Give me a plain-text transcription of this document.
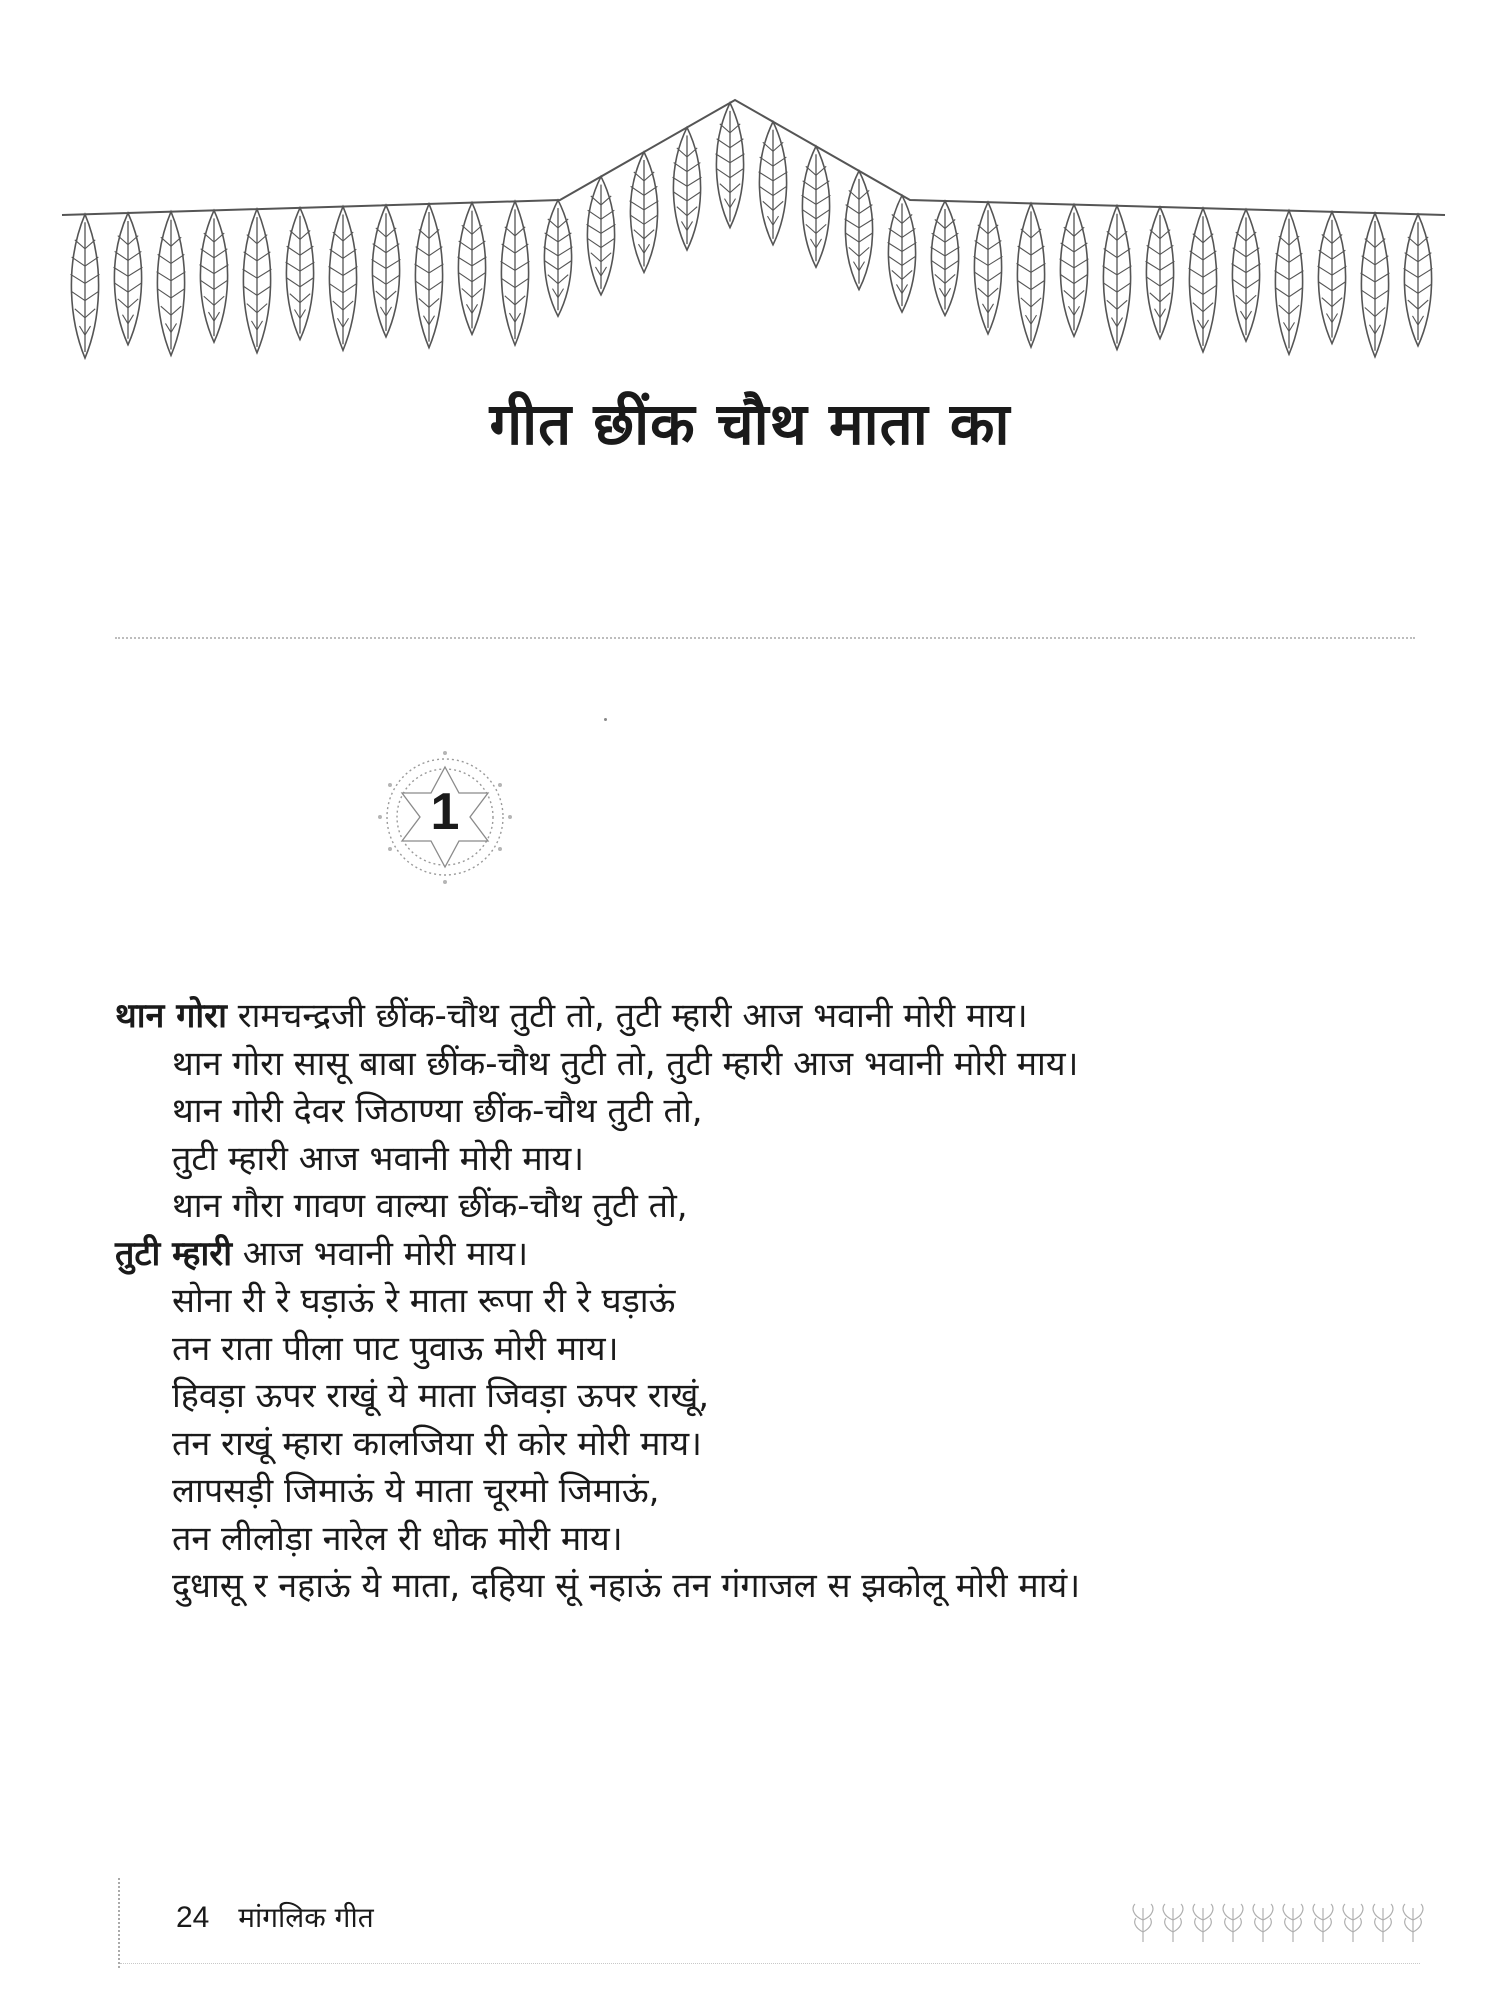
गीत छींक चौथ माता का
1
थान गोरा रामचन्द्रजी छींक-चौथ तुटी तो, तुटी म्हारी आज भवानी मोरी माय।
थान गोरा सासू बाबा छींक-चौथ तुटी तो, तुटी म्हारी आज भवानी मोरी माय।
थान गोरी देवर जिठाण्या छींक-चौथ तुटी तो,
तुटी म्हारी आज भवानी मोरी माय।
थान गौरा गावण वाल्या छींक-चौथ तुटी तो,
तुटी म्हारी आज भवानी मोरी माय।
सोना री रे घड़ाऊं रे माता रूपा री रे घड़ाऊं
तन राता पीला पाट पुवाऊ मोरी माय।
हिवड़ा ऊपर राखूं ये माता जिवड़ा ऊपर राखूं,
तन राखूं म्हारा कालजिया री कोर मोरी माय।
लापसड़ी जिमाऊं ये माता चूरमो जिमाऊं,
तन लीलोड़ा नारेल री धोक मोरी माय।
दुधासू र नहाऊं ये माता, दहिया सूं नहाऊं तन गंगाजल स झकोलू मोरी मायं।
24 मांगलिक गीत
